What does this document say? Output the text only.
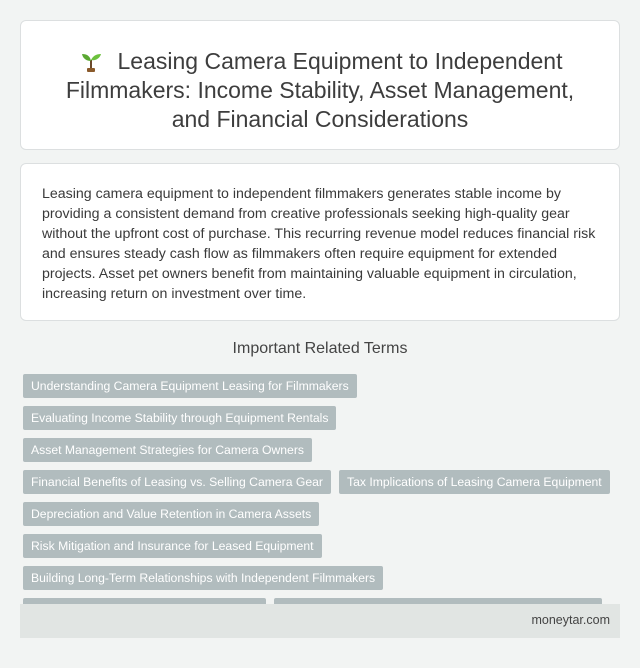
Leasing Camera Equipment to Independent Filmmakers: Income Stability, Asset Management, and Financial Considerations
Leasing camera equipment to independent filmmakers generates stable income by providing a consistent demand from creative professionals seeking high-quality gear without the upfront cost of purchase. This recurring revenue model reduces financial risk and ensures steady cash flow as filmmakers often require equipment for extended projects. Asset pet owners benefit from maintaining valuable equipment in circulation, increasing return on investment over time.
Important Related Terms
Understanding Camera Equipment Leasing for Filmmakers
Evaluating Income Stability through Equipment Rentals
Asset Management Strategies for Camera Owners
Financial Benefits of Leasing vs. Selling Camera Gear	Tax Implications of Leasing Camera Equipment
Depreciation and Value Retention in Camera Assets
Risk Mitigation and Insurance for Leased Equipment
Building Long-Term Relationships with Independent Filmmakers
moneytar.com
